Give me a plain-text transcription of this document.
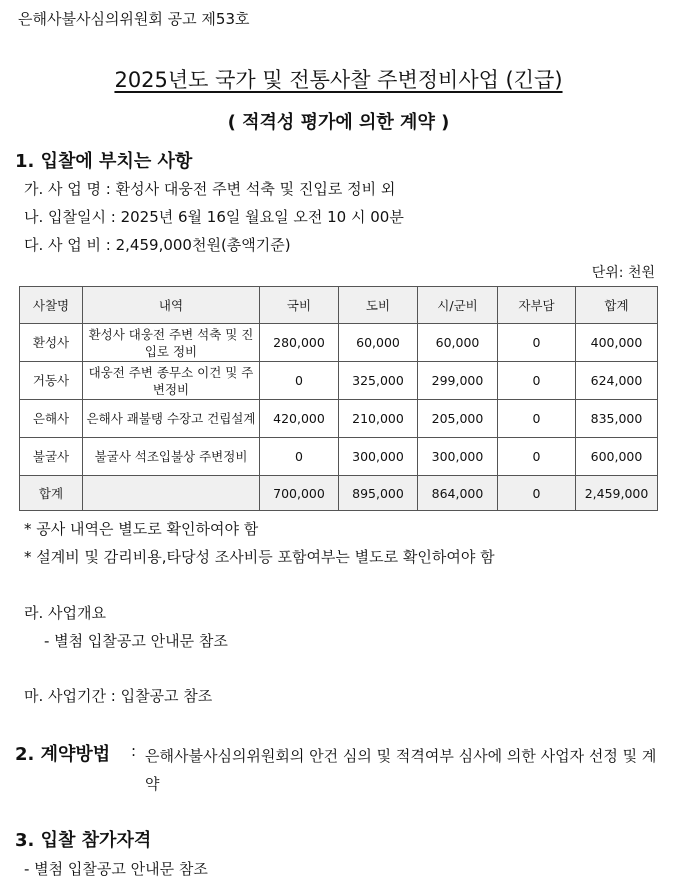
은해사불사심의위원회 공고 제53호
2025년도 국가 및 전통사찰 주변정비사업 (긴급)
( 적격성 평가에 의한 계약 )
1. 입찰에 부치는 사항
가. 사 업 명 : 환성사 대웅전 주변 석축 및 진입로 정비 외
나. 입찰일시 : 2025년 6월 16일 월요일 오전 10 시 00분
다. 사 업 비 : 2,459,000천원(총액기준)
단위: 천원
사찰명	내역	국비	도비	시/군비	자부담	합계
환성사	환성사 대웅전 주변 석축 및 진입로 정비	280,000	60,000	60,000	0	400,000
거동사	대웅전 주변 종무소 이건 및 주변정비	0	325,000	299,000	0	624,000
은해사	은해사 괘불탱 수장고 건립설계	420,000	210,000	205,000	0	835,000
불굴사	불굴사 석조입불상 주변정비	0	300,000	300,000	0	600,000
합계		700,000	895,000	864,000	0	2,459,000
* 공사 내역은 별도로 확인하여야 함
* 설계비 및 감리비용,타당성 조사비등 포함여부는 별도로 확인하여야 함
라. 사업개요
- 별첨 입찰공고 안내문 참조
마. 사업기간 : 입찰공고 참조
2. 계약방법 : 은해사불사심의위원회의 안건 심의 및 적격여부 심사에 의한 사업자 선정 및 계약
3. 입찰 참가자격
- 별첨 입찰공고 안내문 참조
